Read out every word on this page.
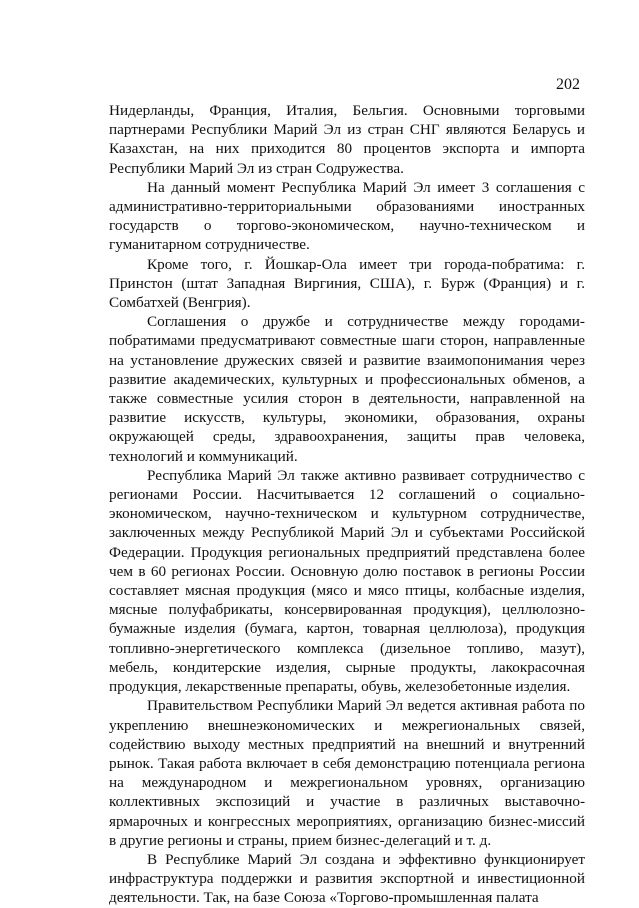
202

Нидерланды, Франция, Италия, Бельгия. Основными торговыми партнерами Республики Марий Эл из стран СНГ являются Беларусь и Казахстан, на них приходится 80 процентов экспорта и импорта Республики Марий Эл из стран Содружества.

На данный момент Республика Марий Эл имеет 3 соглашения с административно-территориальными образованиями иностранных государств о торгово-экономическом, научно-техническом и гуманитарном сотрудничестве.

Кроме того, г. Йошкар-Ола имеет три города-побратима: г. Принстон (штат Западная Виргиния, США), г. Бурж (Франция) и г. Сомбатхей (Венгрия).

Соглашения о дружбе и сотрудничестве между городами-побратимами предусматривают совместные шаги сторон, направленные на установление дружеских связей и развитие взаимопонимания через развитие академических, культурных и профессиональных обменов, а также совместные усилия сторон в деятельности, направленной на развитие искусств, культуры, экономики, образования, охраны окружающей среды, здравоохранения, защиты прав человека, технологий и коммуникаций.

Республика Марий Эл также активно развивает сотрудничество с регионами России. Насчитывается 12 соглашений о социально-экономическом, научно-техническом и культурном сотрудничестве, заключенных между Республикой Марий Эл и субъектами Российской Федерации. Продукция региональных предприятий представлена более чем в 60 регионах России. Основную долю поставок в регионы России составляет мясная продукция (мясо и мясо птицы, колбасные изделия, мясные полуфабрикаты, консервированная продукция), целлюлозно-бумажные изделия (бумага, картон, товарная целлюлоза), продукция топливно-энергетического комплекса (дизельное топливо, мазут), мебель, кондитерские изделия, сырные продукты, лакокрасочная продукция, лекарственные препараты, обувь, железобетонные изделия.

Правительством Республики Марий Эл ведется активная работа по укреплению внешнеэкономических и межрегиональных связей, содействию выходу местных предприятий на внешний и внутренний рынок. Такая работа включает в себя демонстрацию потенциала региона на международном и межрегиональном уровнях, организацию коллективных экспозиций и участие в различных выставочно-ярмарочных и конгрессных мероприятиях, организацию бизнес-миссий в другие регионы и страны, прием бизнес-делегаций и т. д.

В Республике Марий Эл создана и эффективно функционирует инфраструктура поддержки и развития экспортной и инвестиционной деятельности. Так, на базе Союза «Торгово-промышленная палата
